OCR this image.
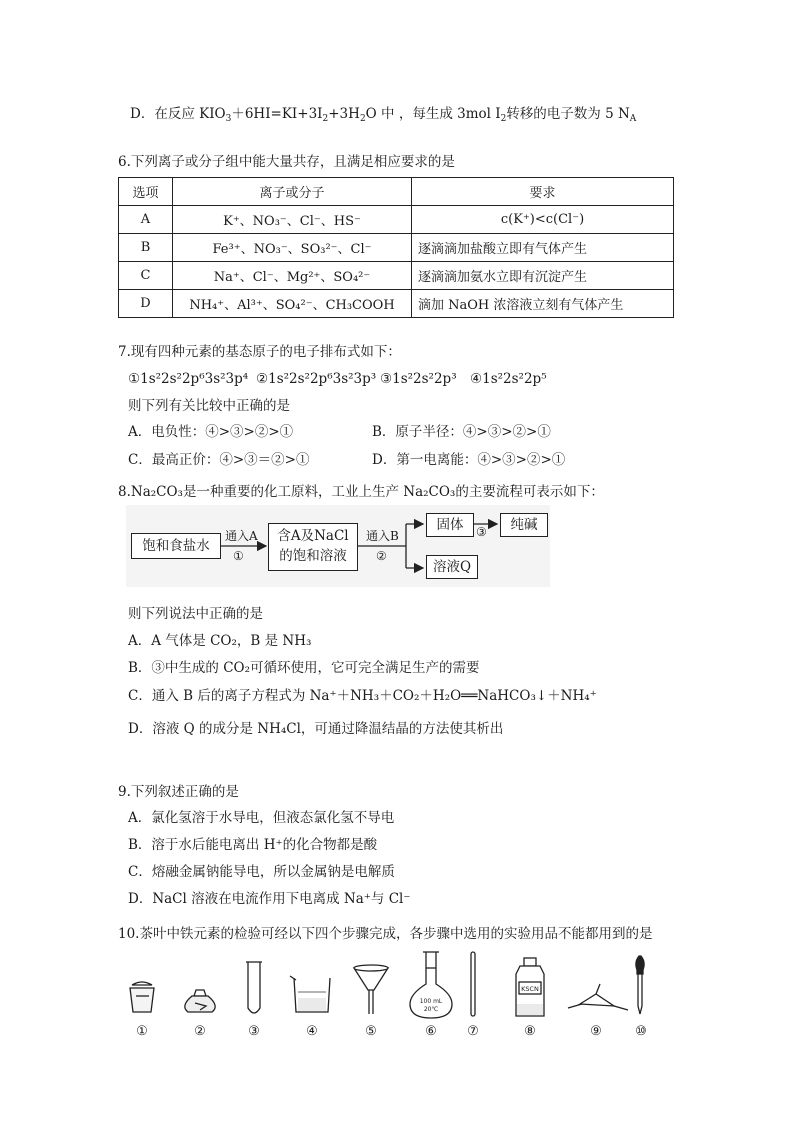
D．在反应 $KIO_3+6HI=KI+3I_2+3H_2O$ 中 ，每生成 3mol $I_2$转移的电子数为 5 $N_A$
6.下列离子或分子组中能大量共存，且满足相应要求的是
选项	离子或分子	要求
A	K⁺、NO₃⁻、Cl⁻、HS⁻	c(K⁺)<c(Cl⁻)
B	Fe³⁺、NO₃⁻、SO₃²⁻、Cl⁻	逐滴滴加盐酸立即有气体产生
C	Na⁺、Cl⁻、Mg²⁺、SO₄²⁻	逐滴滴加氨水立即有沉淀产生
D	NH₄⁺、Al³⁺、SO₄²⁻、CH₃COOH	滴加 NaOH 浓溶液立刻有气体产生
7.现有四种元素的基态原子的电子排布式如下：
①1s²2s²2p⁶3s²3p⁴ ②1s²2s²2p⁶3s²3p³ ③1s²2s²2p³ ④1s²2s²2p⁵
则下列有关比较中正确的是
A．电负性：④>③>②>①	B．原子半径：④>③>②>①
C．最高正价：④>③＝②>①	D．第一电离能：④>③>②>①
8.Na₂CO₃是一种重要的化工原料，工业上生产 Na₂CO₃的主要流程可表示如下：
饱和食盐水
通入A
①
含A及NaCl
的饱和溶液
通入B
②
固体	③	纯碱
溶液Q
则下列说法中正确的是
A．A 气体是 CO₂，B 是 NH₃
B．③中生成的 CO₂可循环使用，它可完全满足生产的需要
C．通入 B 后的离子方程式为 Na⁺＋NH₃＋CO₂＋H₂O══NaHCO₃↓＋NH₄⁺
D．溶液 Q 的成分是 NH₄Cl，可通过降温结晶的方法使其析出
9.下列叙述正确的是
A．氯化氢溶于水导电，但液态氯化氢不导电
B．溶于水后能电离出 H⁺的化合物都是酸
C．熔融金属钠能导电，所以金属钠是电解质
D．NaCl 溶液在电流作用下电离成 Na⁺与 Cl⁻
10.茶叶中铁元素的检验可经以下四个步骤完成，各步骤中选用的实验用品不能都用到的是
100 mL
20℃
KSCN
①	②	③	④	⑤	⑥	⑦	⑧	⑨	⑩
